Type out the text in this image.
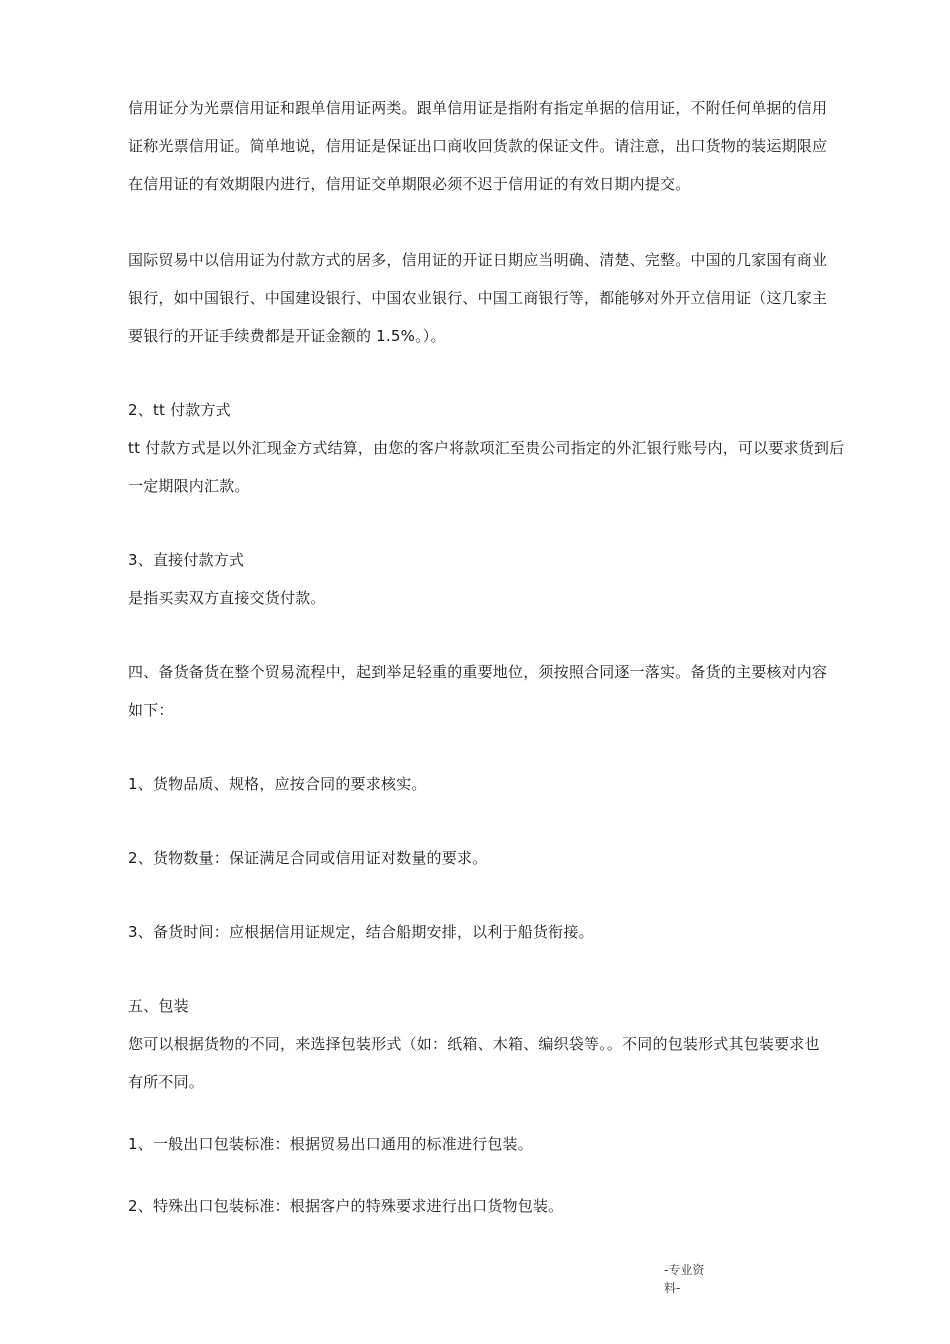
信用证分为光票信用证和跟单信用证两类。跟单信用证是指附有指定单据的信用证，不附任何单据的信用
证称光票信用证。简单地说，信用证是保证出口商收回货款的保证文件。请注意，出口货物的装运期限应
在信用证的有效期限内进行，信用证交单期限必须不迟于信用证的有效日期内提交。
国际贸易中以信用证为付款方式的居多，信用证的开证日期应当明确、清楚、完整。中国的几家国有商业
银行，如中国银行、中国建设银行、中国农业银行、中国工商银行等，都能够对外开立信用证（这几家主
要银行的开证手续费都是开证金额的 1.5%。）。
2、tt 付款方式
tt 付款方式是以外汇现金方式结算，由您的客户将款项汇至贵公司指定的外汇银行账号内，可以要求货到后
一定期限内汇款。
3、直接付款方式
是指买卖双方直接交货付款。
四、备货备货在整个贸易流程中，起到举足轻重的重要地位，须按照合同逐一落实。备货的主要核对内容
如下：
1、货物品质、规格，应按合同的要求核实。
2、货物数量：保证满足合同或信用证对数量的要求。
3、备货时间：应根据信用证规定，结合船期安排，以利于船货衔接。
五、包装
您可以根据货物的不同，来选择包装形式（如：纸箱、木箱、编织袋等。。不同的包装形式其包装要求也
有所不同。
1、一般出口包装标准：根据贸易出口通用的标准进行包装。
2、特殊出口包装标准：根据客户的特殊要求进行出口货物包装。
-专业资
料-
